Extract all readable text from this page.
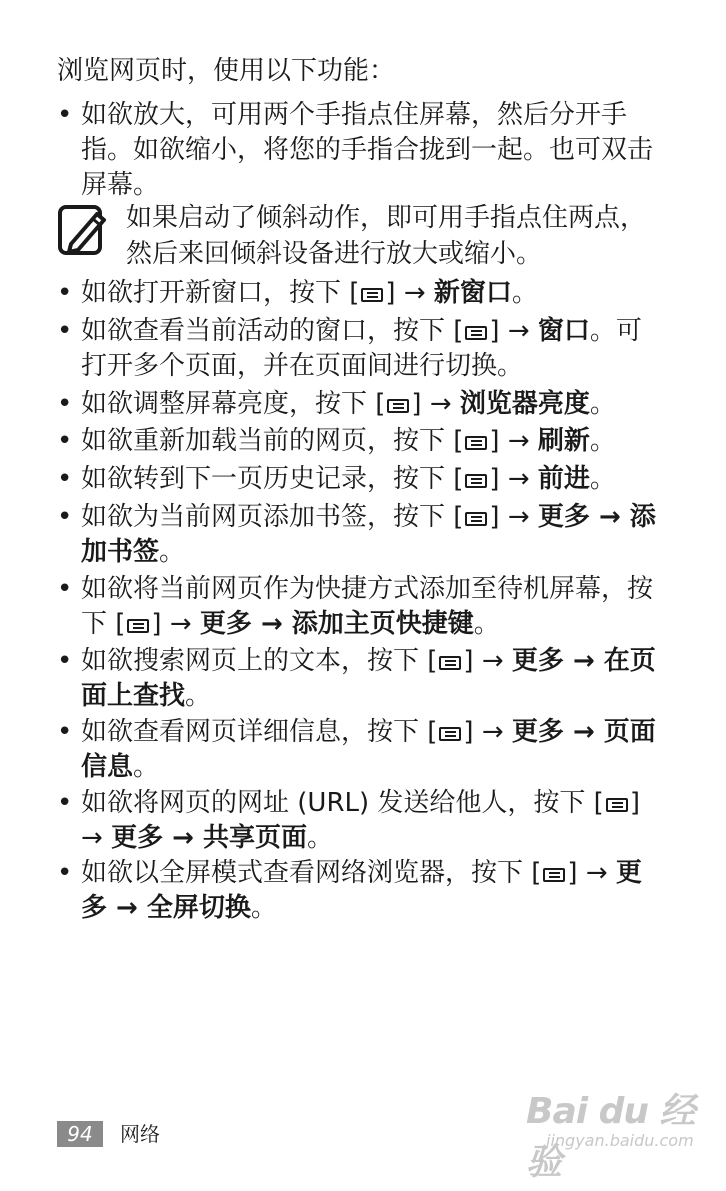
浏览网页时，使用以下功能：

• 如欲放大，可用两个手指点住屏幕，然后分开手指。如欲缩小，将您的手指合拢到一起。也可双击屏幕。
如果启动了倾斜动作，即可用手指点住两点，然后来回倾斜设备进行放大或缩小。
• 如欲打开新窗口，按下 [ ] → 新窗口。
• 如欲查看当前活动的窗口，按下 [ ] → 窗口。可打开多个页面，并在页面间进行切换。
• 如欲调整屏幕亮度，按下 [ ] → 浏览器亮度。
• 如欲重新加载当前的网页，按下 [ ] → 刷新。
• 如欲转到下一页历史记录，按下 [ ] → 前进。
• 如欲为当前网页添加书签，按下 [ ] → 更多 → 添加书签。
• 如欲将当前网页作为快捷方式添加至待机屏幕，按下 [ ] → 更多 → 添加主页快捷键。
• 如欲搜索网页上的文本，按下 [ ] → 更多 → 在页面上查找。
• 如欲查看网页详细信息，按下 [ ] → 更多 → 页面信息。
• 如欲将网页的网址 (URL) 发送给他人，按下 [ ] → 更多 → 共享页面。
• 如欲以全屏模式查看网络浏览器，按下 [ ] → 更多 → 全屏切换。
94	网络
Bai du 经验
jingyan.baidu.com
